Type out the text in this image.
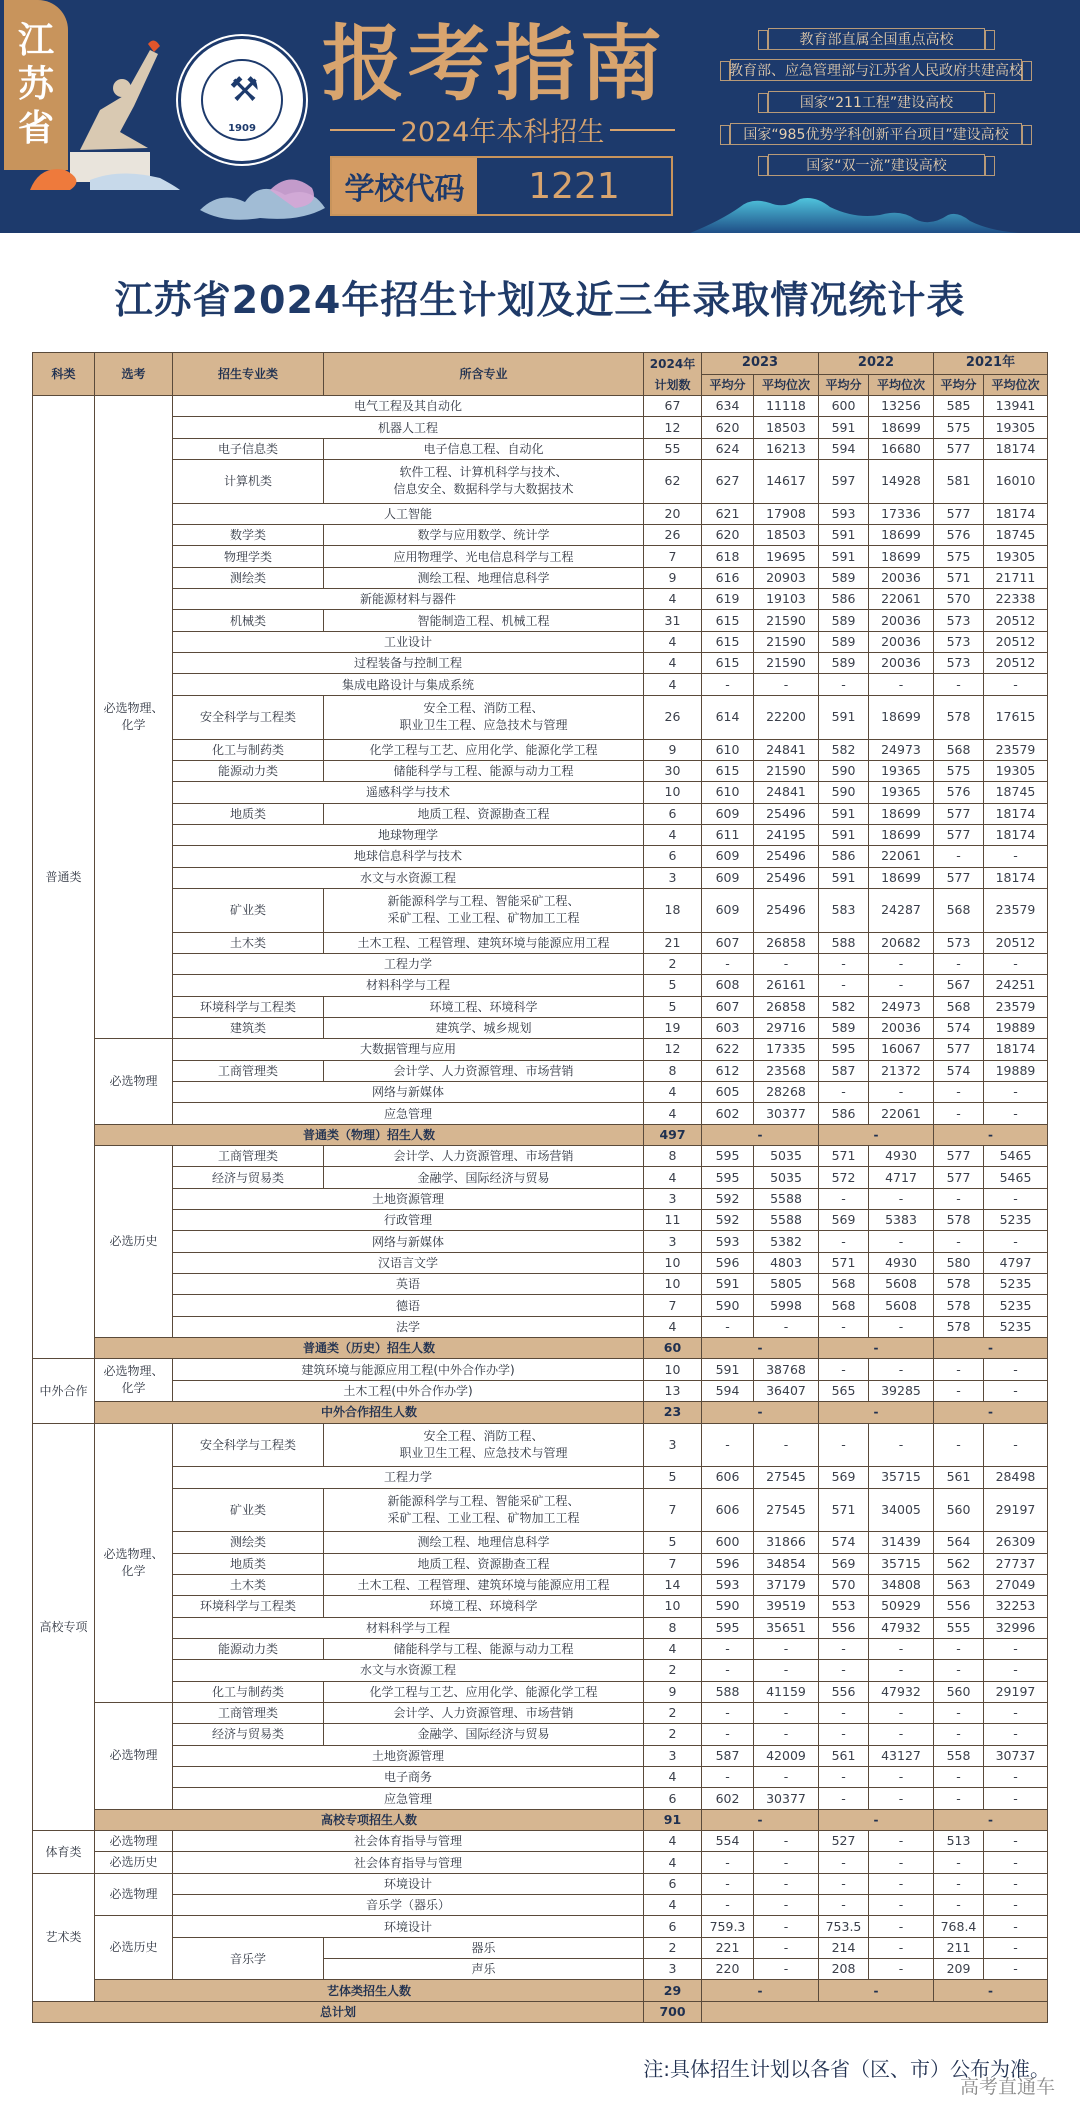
江
苏
省
⚒
1909
报考指南
2024年本科招生
学校代码	1221
教育部直属全国重点高校
教育部、应急管理部与江苏省人民政府共建高校
国家“211工程”建设高校
国家“985优势学科创新平台项目”建设高校
国家“双一流”建设高校
江苏省2024年招生计划及近三年录取情况统计表
科类	选考	招生专业类	所含专业	2024年	2023		2022		2021年	
				计划数	平均分	平均位次	平均分	平均位次	平均分	平均位次
普通类	必选物理、化学	电气工程及其自动化		67	634	11118	600	13256	585	13941
		机器人工程		12	620	18503	591	18699	575	19305
		电子信息类	电子信息工程、自动化	55	624	16213	594	16680	577	18174
		计算机类	软件工程、计算机科学与技术、
信息安全、数据科学与大数据技术	62	627	14617	597	14928	581	16010
		人工智能		20	621	17908	593	17336	577	18174
		数学类	数学与应用数学、统计学	26	620	18503	591	18699	576	18745
		物理学类	应用物理学、光电信息科学与工程	7	618	19695	591	18699	575	19305
		测绘类	测绘工程、地理信息科学	9	616	20903	589	20036	571	21711
		新能源材料与器件		4	619	19103	586	22061	570	22338
		机械类	智能制造工程、机械工程	31	615	21590	589	20036	573	20512
		工业设计		4	615	21590	589	20036	573	20512
		过程装备与控制工程		4	615	21590	589	20036	573	20512
		集成电路设计与集成系统		4	-	-	-	-	-	-
		安全科学与工程类	安全工程、消防工程、
职业卫生工程、应急技术与管理	26	614	22200	591	18699	578	17615
		化工与制药类	化学工程与工艺、应用化学、能源化学工程	9	610	24841	582	24973	568	23579
		能源动力类	储能科学与工程、能源与动力工程	30	615	21590	590	19365	575	19305
		遥感科学与技术		10	610	24841	590	19365	576	18745
		地质类	地质工程、资源勘查工程	6	609	25496	591	18699	577	18174
		地球物理学		4	611	24195	591	18699	577	18174
		地球信息科学与技术		6	609	25496	586	22061	-	-
		水文与水资源工程		3	609	25496	591	18699	577	18174
		矿业类	新能源科学与工程、智能采矿工程、
采矿工程、工业工程、矿物加工工程	18	609	25496	583	24287	568	23579
		土木类	土木工程、工程管理、建筑环境与能源应用工程	21	607	26858	588	20682	573	20512
		工程力学		2	-	-	-	-	-	-
		材料科学与工程		5	608	26161	-	-	567	24251
		环境科学与工程类	环境工程、环境科学	5	607	26858	582	24973	568	23579
		建筑类	建筑学、城乡规划	19	603	29716	589	20036	574	19889
	必选物理	大数据管理与应用		12	622	17335	595	16067	577	18174
		工商管理类	会计学、人力资源管理、市场营销	8	612	23568	587	21372	574	19889
		网络与新媒体		4	605	28268	-	-	-	-
		应急管理		4	602	30377	586	22061	-	-
	普通类（物理）招生人数			497	-		-		-	
	必选历史	工商管理类	会计学、人力资源管理、市场营销	8	595	5035	571	4930	577	5465
		经济与贸易类	金融学、国际经济与贸易	4	595	5035	572	4717	577	5465
		土地资源管理		3	592	5588	-	-	-	-
		行政管理		11	592	5588	569	5383	578	5235
		网络与新媒体		3	593	5382	-	-	-	-
		汉语言文学		10	596	4803	571	4930	580	4797
		英语		10	591	5805	568	5608	578	5235
		德语		7	590	5998	568	5608	578	5235
		法学		4	-	-	-	-	578	5235
	普通类（历史）招生人数			60	-		-		-	
中外合作	必选物理、化学	建筑环境与能源应用工程(中外合作办学)		10	591	38768	-	-	-	-
		土木工程(中外合作办学)		13	594	36407	565	39285	-	-
	中外合作招生人数			23	-		-		-	
高校专项	必选物理、化学	安全科学与工程类	安全工程、消防工程、
职业卫生工程、应急技术与管理	3	-	-	-	-	-	-
		工程力学		5	606	27545	569	35715	561	28498
		矿业类	新能源科学与工程、智能采矿工程、
采矿工程、工业工程、矿物加工工程	7	606	27545	571	34005	560	29197
		测绘类	测绘工程、地理信息科学	5	600	31866	574	31439	564	26309
		地质类	地质工程、资源勘查工程	7	596	34854	569	35715	562	27737
		土木类	土木工程、工程管理、建筑环境与能源应用工程	14	593	37179	570	34808	563	27049
		环境科学与工程类	环境工程、环境科学	10	590	39519	553	50929	556	32253
		材料科学与工程		8	595	35651	556	47932	555	32996
		能源动力类	储能科学与工程、能源与动力工程	4	-	-	-	-	-	-
		水文与水资源工程		2	-	-	-	-	-	-
		化工与制药类	化学工程与工艺、应用化学、能源化学工程	9	588	41159	556	47932	560	29197
	必选物理	工商管理类	会计学、人力资源管理、市场营销	2	-	-	-	-	-	-
		经济与贸易类	金融学、国际经济与贸易	2	-	-	-	-	-	-
		土地资源管理		3	587	42009	561	43127	558	30737
		电子商务		4	-	-	-	-	-	-
		应急管理		6	602	30377	-	-	-	-
	高校专项招生人数			91	-		-		-	
体育类	必选物理	社会体育指导与管理		4	554	-	527	-	513	-
	必选历史	社会体育指导与管理		4	-	-	-	-	-	-
艺术类	必选物理	环境设计		6	-	-	-	-	-	-
		音乐学（器乐）		4	-	-	-	-	-	-
	必选历史	环境设计		6	759.3	-	753.5	-	768.4	-
		音乐学	器乐	2	221	-	214	-	211	-
			声乐	3	220	-	208	-	209	-
	艺体类招生人数			29	-		-		-	
总计划				700						
注:具体招生计划以各省（区、市）公布为准。
高考直通车
